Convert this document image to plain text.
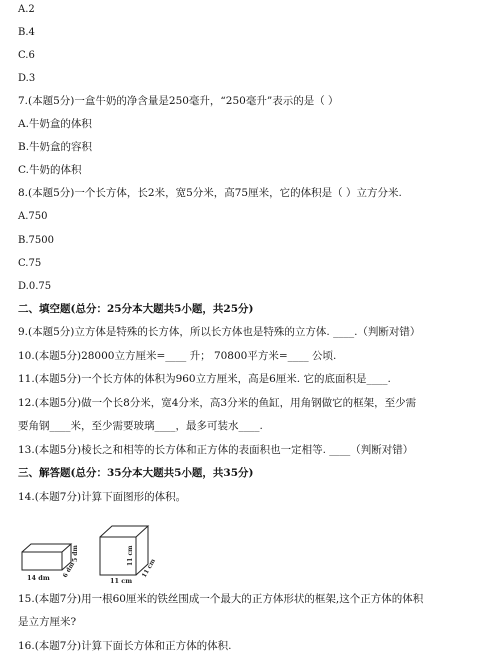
A.2
B.4
C.6
D.3
7.(本题5分)一盒牛奶的净含量是250毫升，“250毫升”表示的是（ ）
A.牛奶盒的体积
B.牛奶盒的容积
C.牛奶的体积
8.(本题5分)一个长方体，长2米，宽5分米，高75厘米，它的体积是（ ）立方分米.
A.750
B.7500
C.75
D.0.75
二、填空题(总分：25分本大题共5小题，共25分)
9.(本题5分)立方体是特殊的长方体，所以长方体也是特殊的立方体. ____.（判断对错）
10.(本题5分)28000立方厘米=____ 升； 70800平方米=____ 公顷.
11.(本题5分)一个长方体的体积为960立方厘米，高是6厘米. 它的底面积是____.
12.(本题5分)做一个长8分米，宽4分米，高3分米的鱼缸，用角钢做它的框架，至少需
要角钢____米，至少需要玻璃____，最多可装水____.
13.(本题5分)棱长之和相等的长方体和正方体的表面积也一定相等. ____（判断对错）
三、解答题(总分：35分本大题共5小题，共35分)
14.(本题7分)计算下面图形的体积。
14 dm 6 dm
5 dm	11 cm
11 cm
11 cm
15.(本题7分)用一根60厘米的铁丝围成一个最大的正方体形状的框架,这个正方体的体积
是立方厘米?
16.(本题7分)计算下面长方体和正方体的体积.
